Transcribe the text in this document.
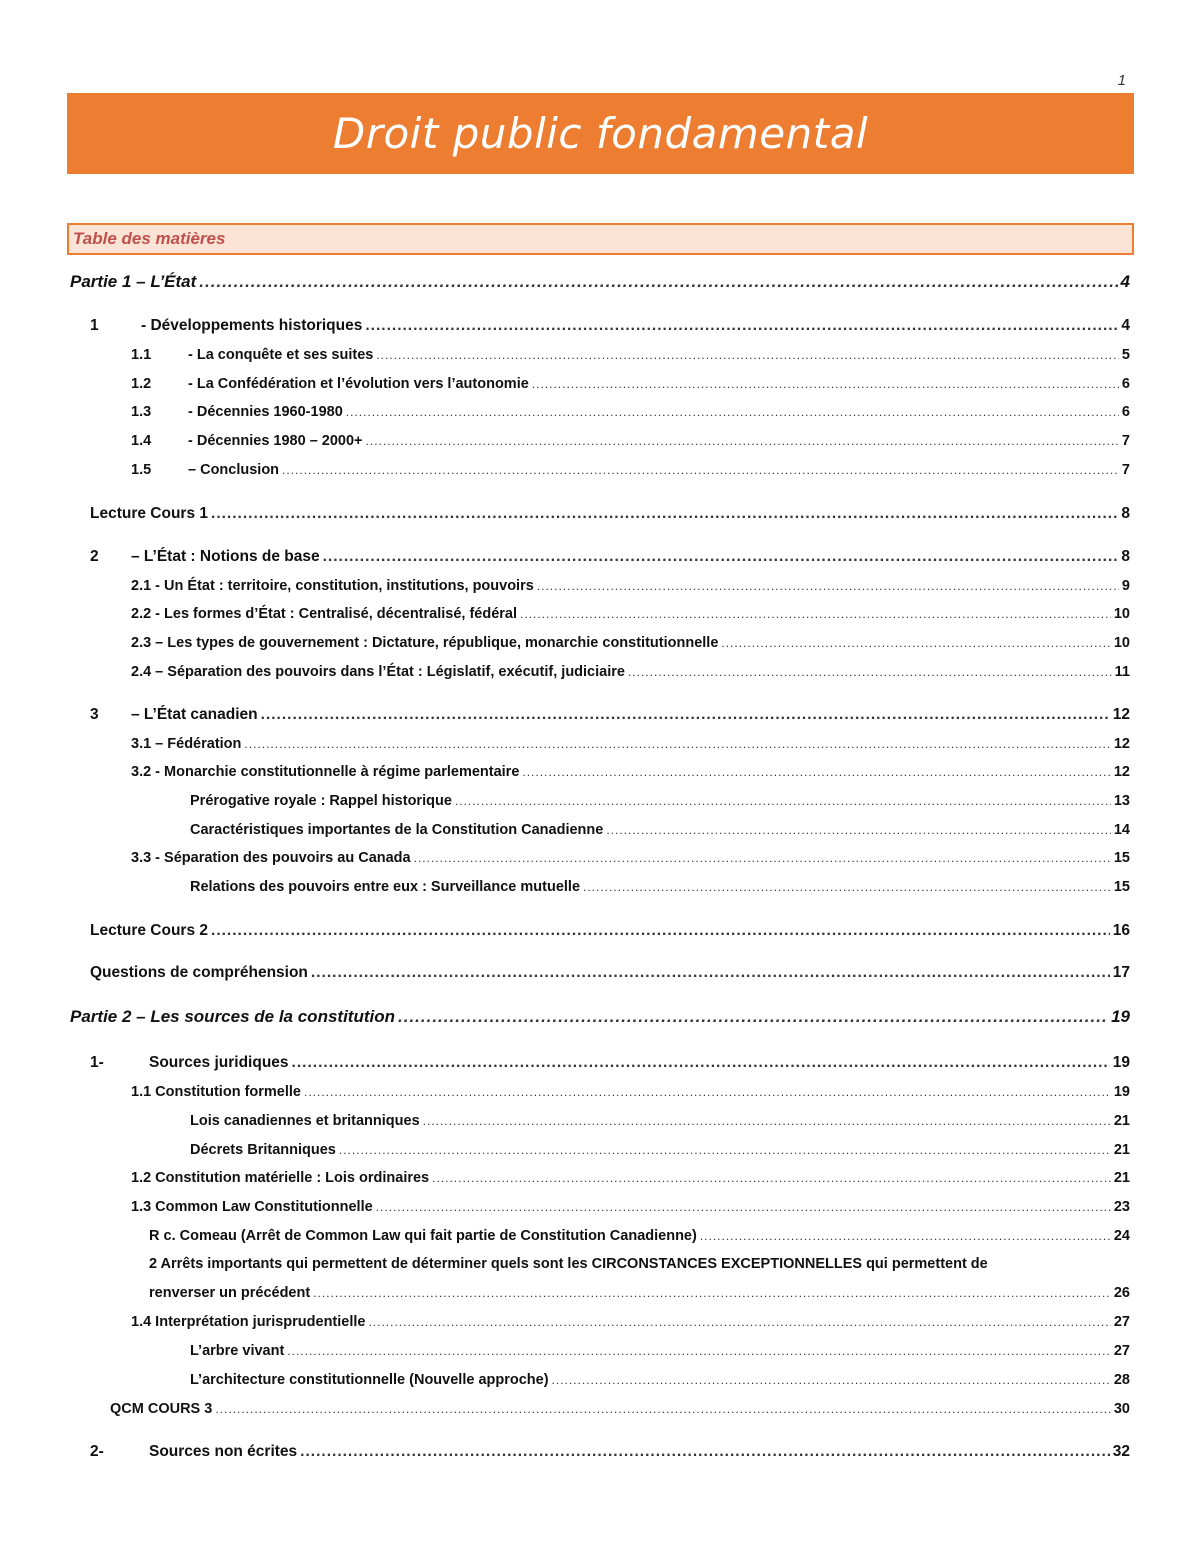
1
Droit public fondamental
Table des matières
Partie 1 – L’État .....	4
1	- Développements historiques .....	4
1.1	- La conquête et ses suites .....	5
1.2	- La Confédération et l’évolution vers l’autonomie .....	6
1.3	- Décennies 1960-1980 .....	6
1.4	- Décennies 1980 – 2000+ .....	7
1.5	– Conclusion .....	7
Lecture Cours 1 .....	8
2	– L’État : Notions de base .....	8
2.1 - Un État : territoire, constitution, institutions, pouvoirs .....	9
2.2 - Les formes d’État : Centralisé, décentralisé, fédéral .....	10
2.3 – Les types de gouvernement : Dictature, république, monarchie constitutionnelle .....	10
2.4 – Séparation des pouvoirs dans l’État : Législatif, exécutif, judiciaire .....	11
3	– L’État canadien .....	12
3.1 – Fédération .....	12
3.2 - Monarchie constitutionnelle à régime parlementaire .....	12
Prérogative royale : Rappel historique .....	13
Caractéristiques importantes de la Constitution Canadienne .....	14
3.3 - Séparation des pouvoirs au Canada .....	15
Relations des pouvoirs entre eux : Surveillance mutuelle .....	15
Lecture Cours 2 .....	16
Questions de compréhension .....	17
Partie 2 – Les sources de la constitution .....	19
1-	Sources juridiques .....	19
1.1 Constitution formelle .....	19
Lois canadiennes et britanniques .....	21
Décrets Britanniques .....	21
1.2 Constitution matérielle : Lois ordinaires .....	21
1.3 Common Law Constitutionnelle .....	23
R c. Comeau (Arrêt de Common Law qui fait partie de Constitution Canadienne) .....	24
2 Arrêts importants qui permettent de déterminer quels sont les CIRCONSTANCES EXCEPTIONNELLES qui permettent de
renverser un précédent .....	26
1.4 Interprétation jurisprudentielle .....	27
L’arbre vivant .....	27
L’architecture constitutionnelle (Nouvelle approche) .....	28
QCM COURS 3 .....	30
2-	Sources non écrites .....	32
